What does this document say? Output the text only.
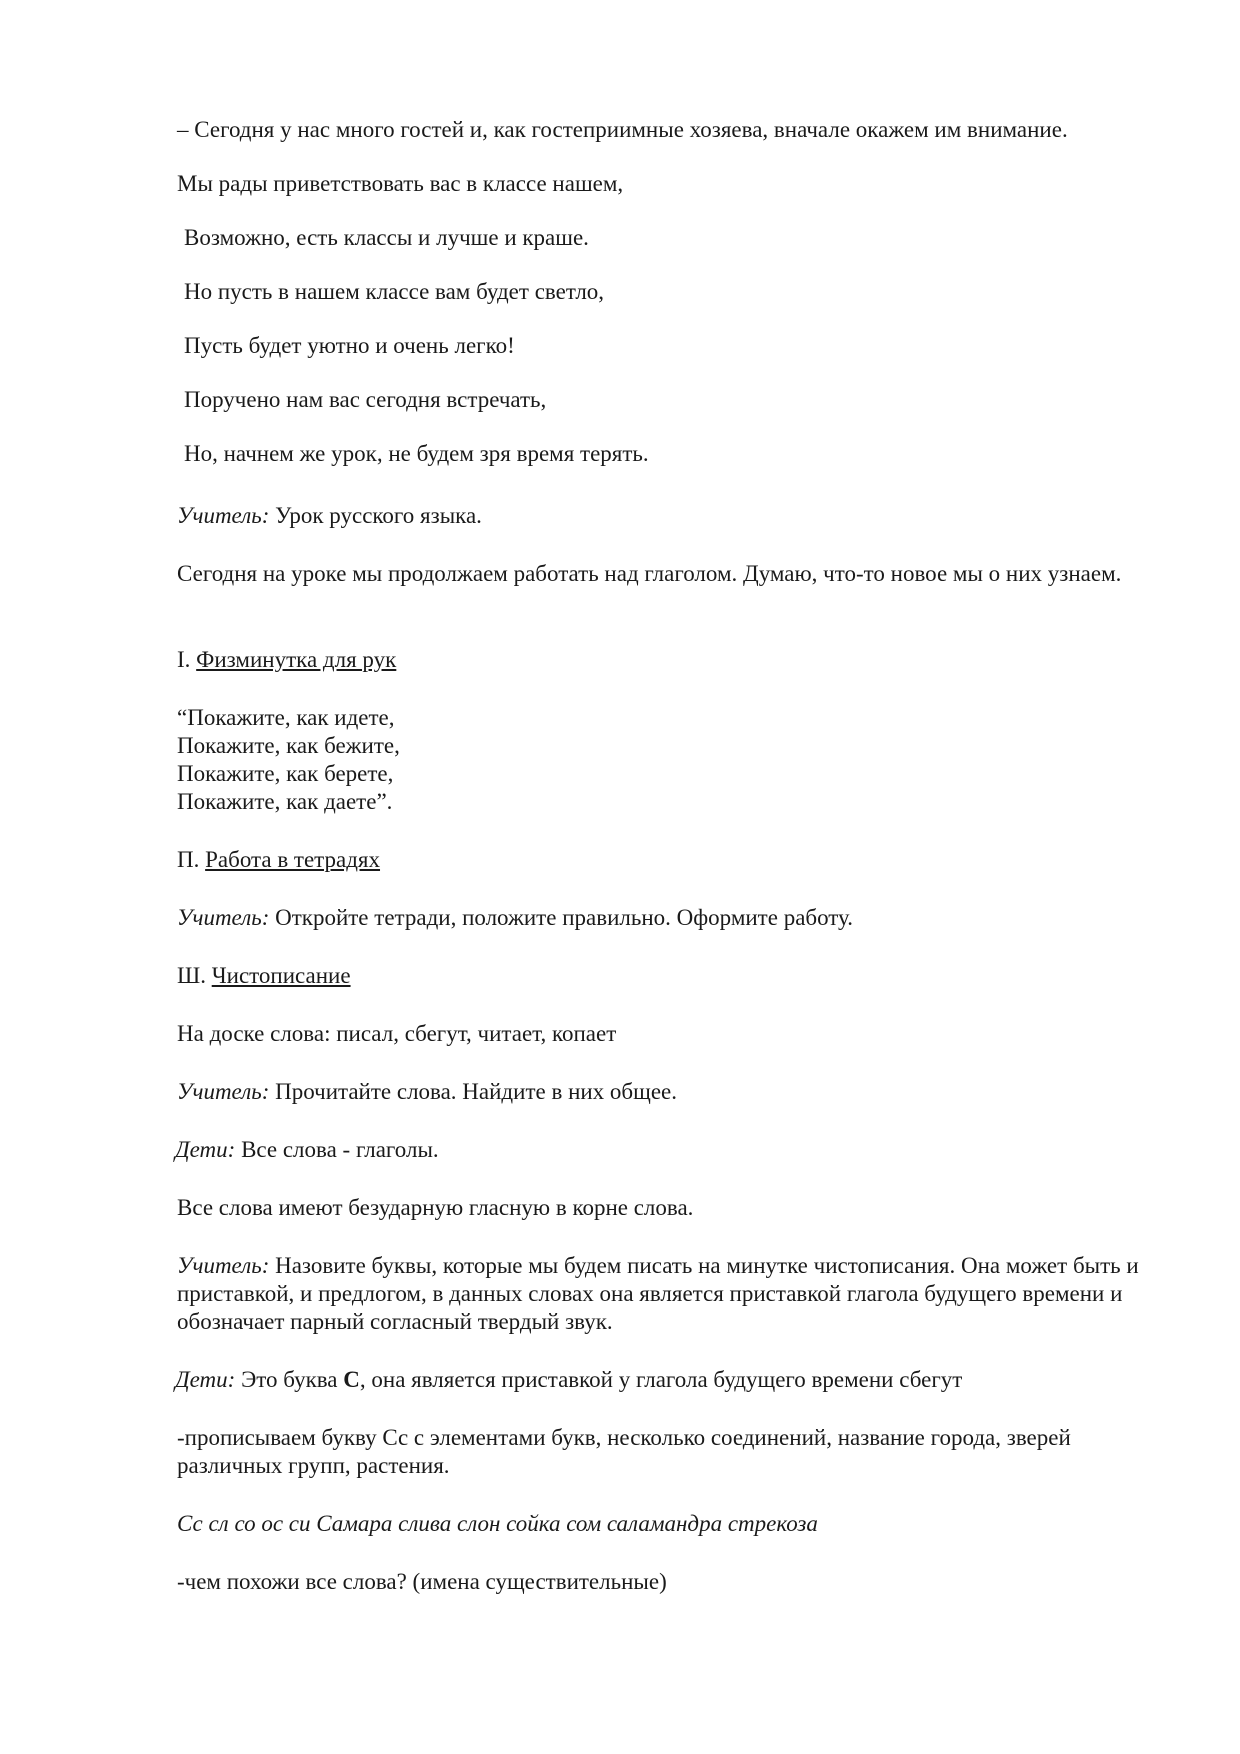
– Сегодня у нас много гостей и, как гостеприимные хозяева, вначале окажем им внимание.
Мы рады приветствовать вас в классе нашем,
Возможно, есть классы и лучше и краше.
Но пусть в нашем классе вам будет светло,
Пусть будет уютно и очень легко!
Поручено нам вас сегодня встречать,
Но, начнем же урок, не будем зря время терять.
Учитель: Урок русского языка.
Сегодня на уроке мы продолжаем работать над глаголом. Думаю, что-то новое мы о них узнаем.
I. Физминутка для рук
“Покажите, как идете,
Покажите, как бежите,
Покажите, как берете,
Покажите, как даете”.
П. Работа в тетрадях
Учитель: Откройте тетради, положите правильно. Оформите работу.
Ш. Чистописание
На доске слова: писал, сбегут, читает, копает
Учитель: Прочитайте слова. Найдите в них общее.
Дети: Все слова - глаголы.
Все слова имеют безударную гласную в корне слова.
Учитель: Назовите буквы, которые мы будем писать на минутке чистописания. Она может быть и приставкой, и предлогом, в данных словах она является приставкой глагола будущего времени и обозначает парный согласный твердый звук.
Дети: Это буква С, она является приставкой у глагола будущего времени сбегут
-прописываем букву Сс с элементами букв, несколько соединений, название города, зверей различных групп, растения.
Сс сл со ос си Самара слива слон сойка сом саламандра стрекоза
-чем похожи все слова? (имена существительные)
